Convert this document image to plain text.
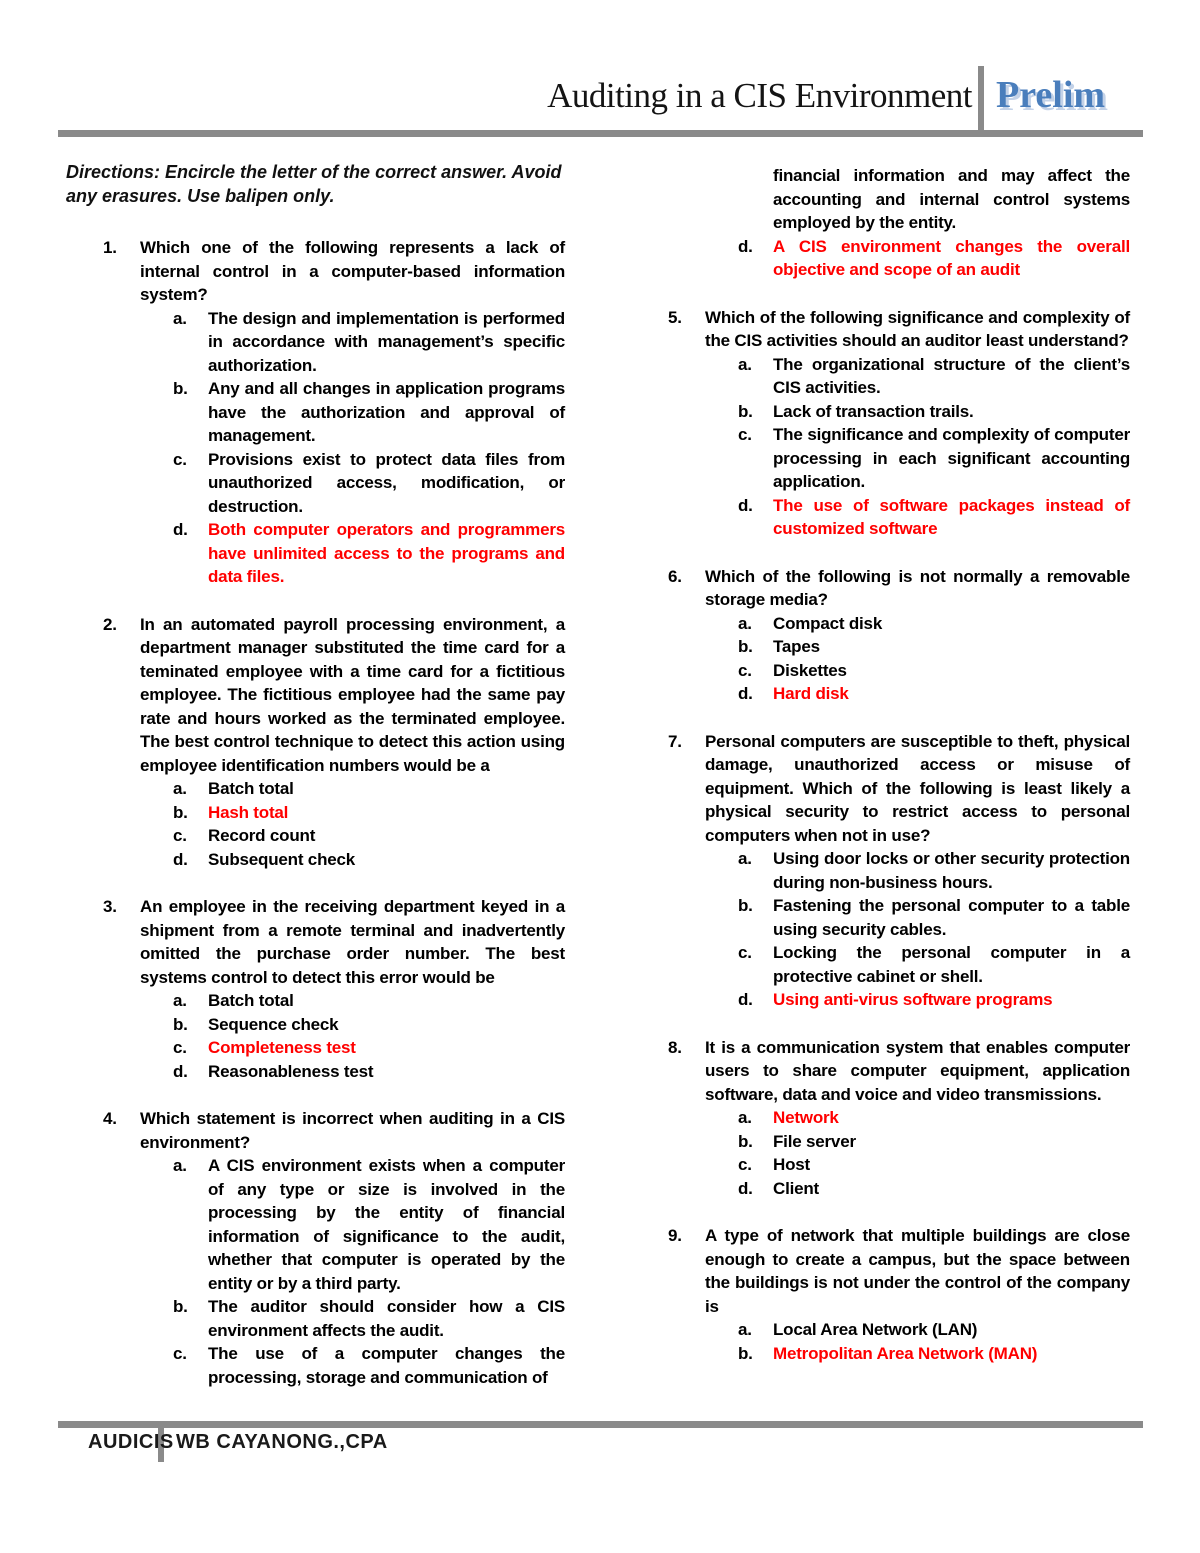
Auditing in a CIS Environment Prelim
Directions: Encircle the letter of the correct answer. Avoid any erasures. Use balipen only.
1.	Which one of the following represents a lack of internal control in a computer-based information system?
a.	The design and implementation is performed in accordance with management’s specific authorization.
b.	Any and all changes in application programs have the authorization and approval of management.
c.	Provisions exist to protect data files from unauthorized access, modification, or destruction.
d.	Both computer operators and programmers have unlimited access to the programs and data files.
2.	In an automated payroll processing environment, a department manager substituted the time card for a teminated employee with a time card for a fictitious employee. The fictitious employee had the same pay rate and hours worked as the terminated employee. The best control technique to detect this action using employee identification numbers would be a
a.	Batch total
b.	Hash total
c.	Record count
d.	Subsequent check
3.	An employee in the receiving department keyed in a shipment from a remote terminal and inadvertently omitted the purchase order number. The best systems control to detect this error would be
a.	Batch total
b.	Sequence check
c.	Completeness test
d.	Reasonableness test
4.	Which statement is incorrect when auditing in a CIS environment?
a.	A CIS environment exists when a computer of any type or size is involved in the processing by the entity of financial information of significance to the audit, whether that computer is operated by the entity or by a third party.
b.	The auditor should consider how a CIS environment affects the audit.
c.	The use of a computer changes the processing, storage and communication of
financial information and may affect the accounting and internal control systems employed by the entity.
d.	A CIS environment changes the overall objective and scope of an audit
5.	Which of the following significance and complexity of the CIS activities should an auditor least understand?
a.	The organizational structure of the client’s CIS activities.
b.	Lack of transaction trails.
c.	The significance and complexity of computer processing in each significant accounting application.
d.	The use of software packages instead of customized software
6.	Which of the following is not normally a removable storage media?
a.	Compact disk
b.	Tapes
c.	Diskettes
d.	Hard disk
7.	Personal computers are susceptible to theft, physical damage, unauthorized access or misuse of equipment. Which of the following is least likely a physical security to restrict access to personal computers when not in use?
a.	Using door locks or other security protection during non-business hours.
b.	Fastening the personal computer to a table using security cables.
c.	Locking the personal computer in a protective cabinet or shell.
d.	Using anti-virus software programs
8.	It is a communication system that enables computer users to share computer equipment, application software, data and voice and video transmissions.
a.	Network
b.	File server
c.	Host
d.	Client
9.	A type of network that multiple buildings are close enough to create a campus, but the space between the buildings is not under the control of the company is
a.	Local Area Network (LAN)
b.	Metropolitan Area Network (MAN)
AUDICIS WB CAYANONG.,CPA
